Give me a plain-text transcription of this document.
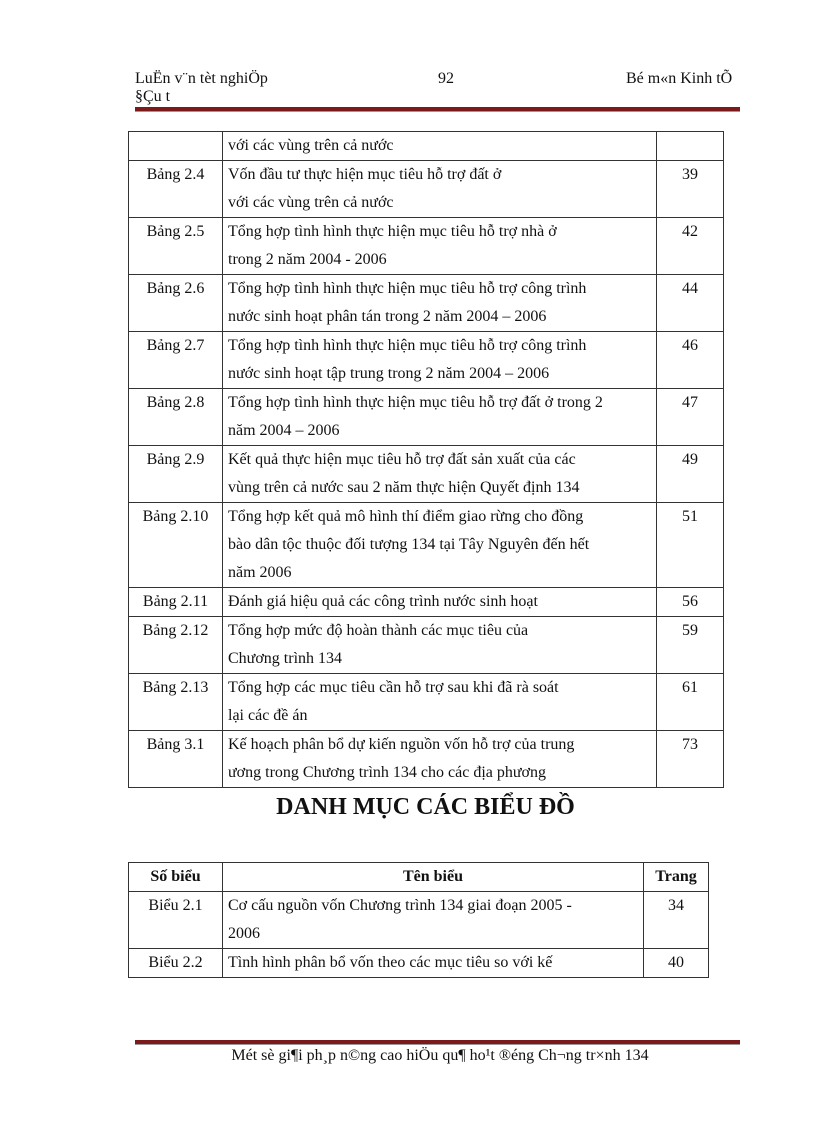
LuËn v¨n tèt nghiÖp
§Çu t
92	Bé m«n Kinh tÕ

	với các vùng trên cả nước	

Bảng 2.4	Vốn đầu tư thực hiện mục tiêu hỗ trợ đất ở
với các vùng trên cả nước	39
Bảng 2.5	Tổng hợp tình hình thực hiện mục tiêu hỗ trợ nhà ở
trong 2 năm 2004 - 2006	42
Bảng 2.6	Tổng hợp tình hình thực hiện mục tiêu hỗ trợ công trình
nước sinh hoạt phân tán trong 2 năm 2004 – 2006	44
Bảng 2.7	Tổng hợp tình hình thực hiện mục tiêu hỗ trợ công trình
nước sinh hoạt tập trung trong 2 năm 2004 – 2006	46
Bảng 2.8	Tổng hợp tình hình thực hiện mục tiêu hỗ trợ đất ở trong 2
năm 2004 – 2006	47
Bảng 2.9	Kết quả thực hiện mục tiêu hỗ trợ đất sản xuất của các
vùng trên cả nước sau 2 năm thực hiện Quyết định 134	49
Bảng 2.10	Tổng hợp kết quả mô hình thí điểm giao rừng cho đồng
bào dân tộc thuộc đối tượng 134 tại Tây Nguyên đến hết
năm 2006	51
Bảng 2.11	Đánh giá hiệu quả các công trình nước sinh hoạt	56
Bảng 2.12	Tổng hợp mức độ hoàn thành các mục tiêu của
Chương trình 134	59
Bảng 2.13	Tổng hợp các mục tiêu cần hỗ trợ sau khi đã rà soát
lại các đề án	61
Bảng 3.1	Kế hoạch phân bổ dự kiến nguồn vốn hỗ trợ của trung
ương trong Chương trình 134 cho các địa phương	73
DANH MỤC CÁC BIỂU ĐỒ
Số biểu	Tên biểu	Trang
Biểu 2.1	Cơ cấu nguồn vốn Chương trình 134 giai đoạn 2005 -
2006	34
Biểu 2.2	Tình hình phân bổ vốn theo các mục tiêu so với kế	40
Mét sè gi¶i ph¸p n©ng cao hiÖu qu¶ ho¹t ®éng Ch¬ng tr×nh 134
